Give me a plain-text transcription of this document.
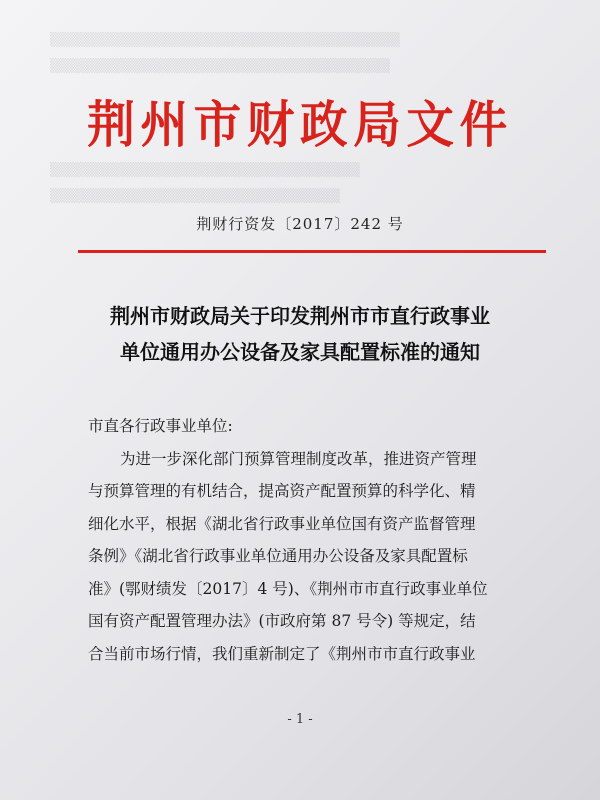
▒▒▒▒▒▒▒▒▒▒▒▒▒▒▒▒▒▒▒▒▒▒▒▒▒▒▒▒▒▒▒▒▒▒▒
▒▒▒▒▒▒▒▒▒▒▒▒▒▒▒▒▒▒▒▒▒▒▒▒▒▒▒▒▒▒▒▒▒▒

▒▒▒▒▒▒▒▒▒▒▒▒▒▒▒▒▒▒▒▒▒▒▒▒▒▒▒▒▒▒▒
▒▒▒▒▒▒▒▒▒▒▒▒▒▒▒▒▒▒▒▒▒▒▒▒▒▒▒▒▒
荆州市财政局文件
荆财行资发〔2017〕242 号
荆州市财政局关于印发荆州市市直行政事业
单位通用办公设备及家具配置标准的通知
市直各行政事业单位:
为进一步深化部门预算管理制度改革，推进资产管理
与预算管理的有机结合，提高资产配置预算的科学化、精
细化水平，根据《湖北省行政事业单位国有资产监督管理
条例》《湖北省行政事业单位通用办公设备及家具配置标
准》(鄂财绩发〔2017〕4 号)、《荆州市市直行政事业单位
国有资产配置管理办法》(市政府第 87 号令) 等规定，结
合当前市场行情，我们重新制定了《荆州市市直行政事业
- 1 -
